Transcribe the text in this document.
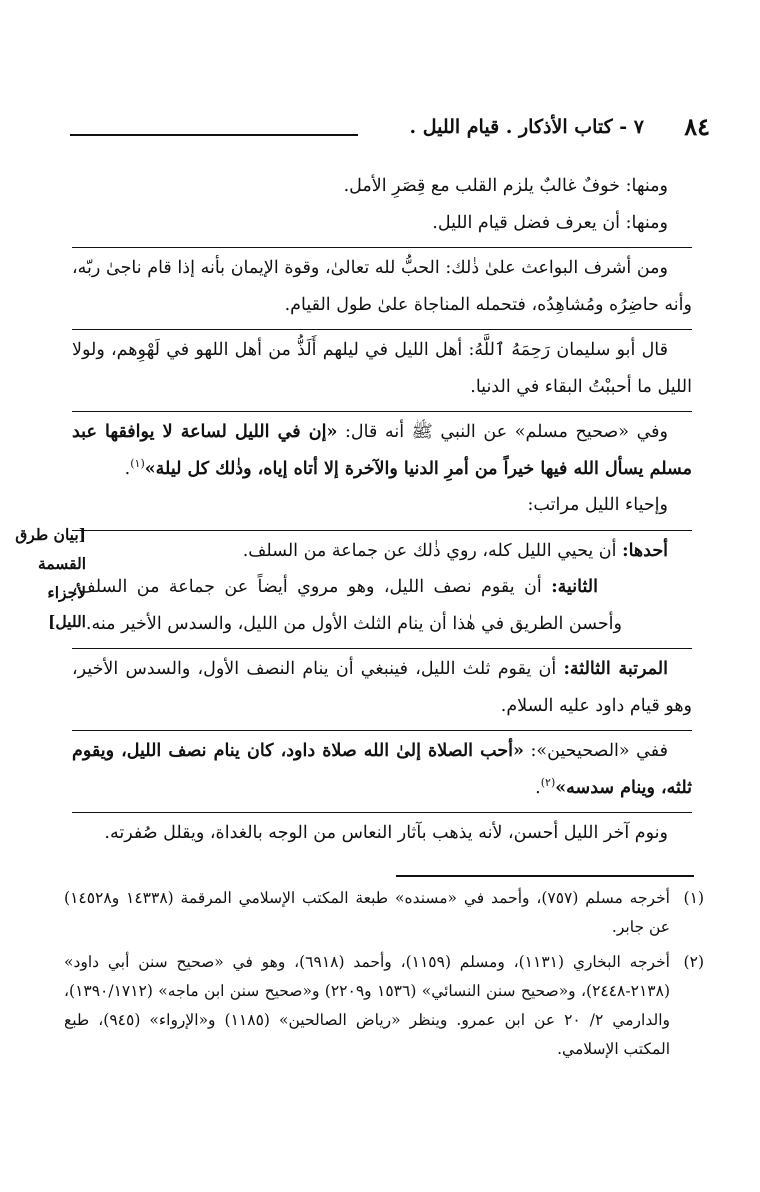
٨٤
٧ - كتاب الأذكار . قيام الليل .

ومنها: خوفٌ غالبٌ يلزم القلب مع قِصَرِ الأمل.

ومنها: أن يعرف فضل قيام الليل.

ومن أشرف البواعث علىٰ ذٰلك: الحبُّ لله تعالىٰ، وقوة الإيمان بأنه إذا قام ناجىٰ ربّه، وأنه حاضِرُه ومُشاهِدُه، فتحمله المناجاة علىٰ طول القيام.

قال أبو سليمان رَحِمَهُ ٱللَّهُ: أهل الليل في ليلهم أَلَذُّ من أهل اللهو في لَهْوِهم، ولولا الليل ما أحببْتُ البقاء في الدنيا.

وفي «صحيح مسلم» عن النبي ﷺ أنه قال: «إن في الليل لساعة لا يوافقها عبد مسلم يسأل الله فيها خيراً من أمرِ الدنيا والآخرة إلا أتاه إياه، وذٰلك كل ليلة»$^{(١)}$.

وإحياء الليل مراتب:

أحدها: أن يحيي الليل كله، روي ذٰلك عن جماعة من السلف.

الثانية: أن يقوم نصف الليل، وهو مروي أيضاً عن جماعة من السلف، وأحسن الطريق في هٰذا أن ينام الثلث الأول من الليل، والسدس الأخير منه.

المرتبة الثالثة: أن يقوم ثلث الليل، فينبغي أن ينام النصف الأول، والسدس الأخير، وهو قيام داود عليه السلام.

ففي «الصحيحين»: «أحب الصلاة إلىٰ الله صلاة داود، كان ينام نصف الليل، ويقوم ثلثه، وينام سدسه»$^{(٢)}$.

ونوم آخر الليل أحسن، لأنه يذهب بآثار النعاس من الوجه بالغداة، ويقلل صُفرته.

[بيان طرق القسمة لأجزاء الليل]
(١)
أخرجه مسلم (٧٥٧)، وأحمد في «مسنده» طبعة المكتب الإسلامي المرقمة (١٤٣٣٨ و١٤٥٢٨) عن جابر.
(٢)
أخرجه البخاري (١١٣١)، ومسلم (١١٥٩)، وأحمد (٦٩١٨)، وهو في «صحيح سنن أبي داود» (٢١٣٨-٢٤٤٨)، و«صحيح سنن النسائي» (١٥٣٦ و٢٢٠٩) و«صحيح سنن ابن ماجه» (١٣٩٠/١٧١٢)، والدارمي ٢/ ٢٠ عن ابن عمرو. وينظر «رياض الصالحين» (١١٨٥) و«الإرواء» (٩٤٥)، طبع المكتب الإسلامي.
